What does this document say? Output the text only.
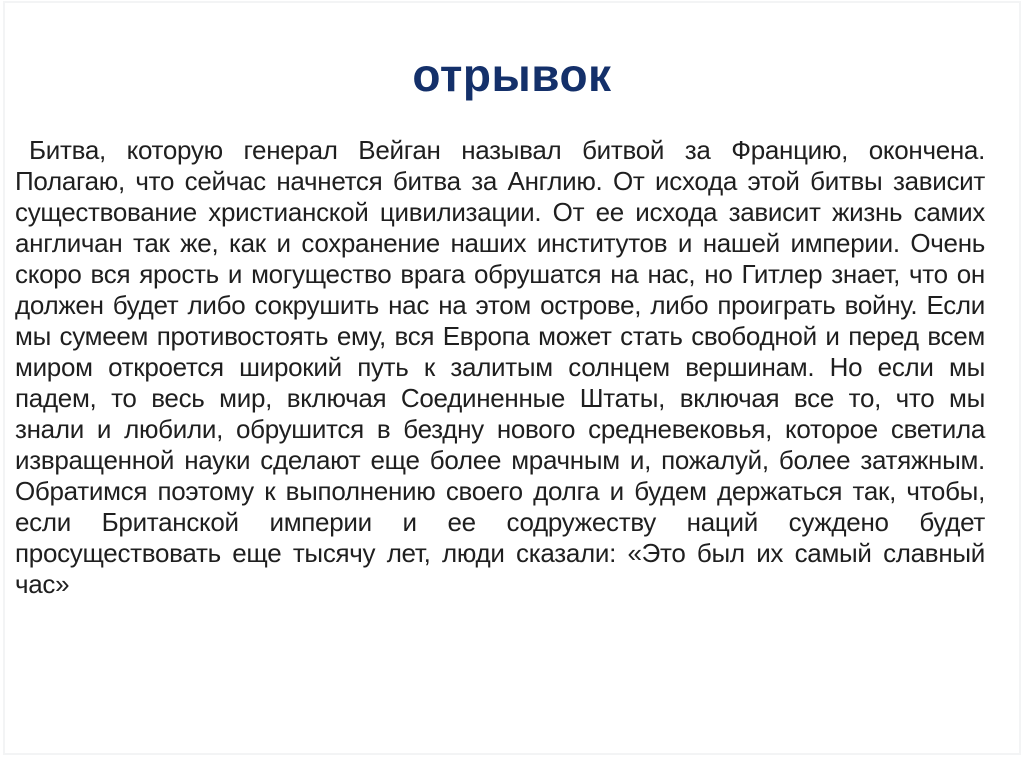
отрывок

Битва, которую генерал Вейган называл битвой за Францию, окончена. Полагаю, что сейчас начнется битва за Англию. От исхода этой битвы зависит существование христианской цивилизации. От ее исхода зависит жизнь самих англичан так же, как и сохранение наших институтов и нашей империи. Очень скоро вся ярость и могущество врага обрушатся на нас, но Гитлер знает, что он должен будет либо сокрушить нас на этом острове, либо проиграть войну. Если мы сумеем противостоять ему, вся Европа может стать свободной и перед всем миром откроется широкий путь к залитым солнцем вершинам. Но если мы падем, то весь мир, включая Соединенные Штаты, включая все то, что мы знали и любили, обрушится в бездну нового средневековья, которое светила извращенной науки сделают еще более мрачным и, пожалуй, более затяжным. Обратимся поэтому к выполнению своего долга и будем держаться так, чтобы, если Британской империи и ее содружеству наций суждено будет просуществовать еще тысячу лет, люди сказали: «Это был их самый славный час»
